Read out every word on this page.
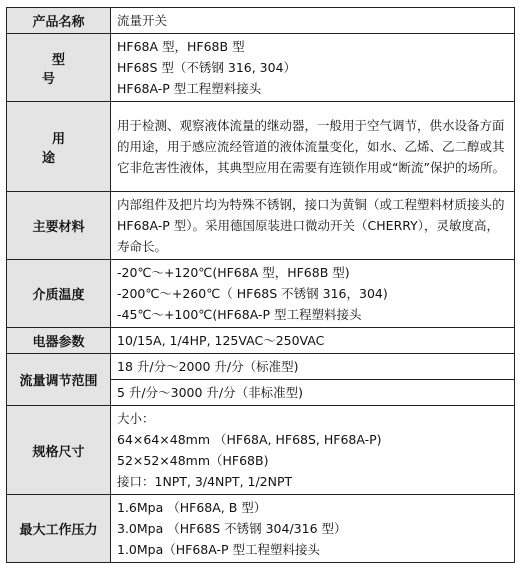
产品名称	流量开关

型 号	HF68A 型，HF68B 型
HF68S 型（不锈钢 316, 304）
HF68A-P 型工程塑料接头

用 途	用于检测、观察液体流量的继动器，一般用于空气调节，供水设备方面的用途，用于感应流经管道的液体流量变化，如水、乙烯、乙二醇或其它非危害性液体，其典型应用在需要有连锁作用或“断流”保护的场所。

主要材料	内部组件及把片均为特殊不锈钢，接口为黄铜（或工程塑料材质接头的 HF68A-P 型）。采用德国原装进口微动开关（CHERRY），灵敏度高，寿命长。

介质温度	-20℃～+120℃(HF68A 型，HF68B 型)
-200℃～+260℃（ HF68S 不锈钢 316，304)
-45℃～+100℃(HF68A-P 型工程塑料接头

电器参数	10/15A, 1/4HP, 125VAC～250VAC

流量调节范围	18 升/分～2000 升/分（标准型)
5 升/分～3000 升/分（非标准型)

规格尺寸	大小：
64×64×48mm （HF68A, HF68S, HF68A-P)
52×52×48mm（HF68B)
接口：1NPT, 3/4NPT, 1/2NPT

最大工作压力	1.6Mpa （HF68A, B 型）
3.0Mpa （HF68S 不锈钢 304/316 型）
1.0Mpa（HF68A-P 型工程塑料接头
